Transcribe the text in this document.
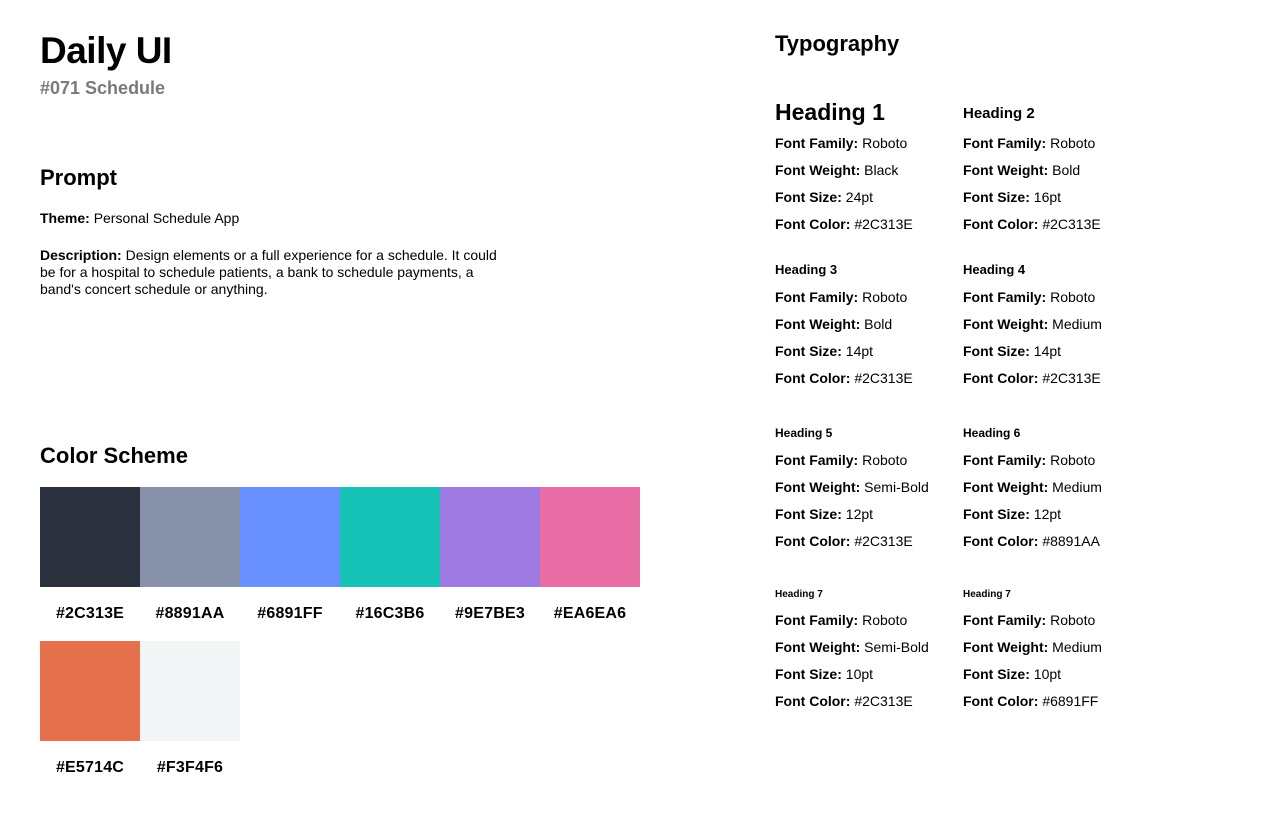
Daily UI
#071 Schedule
Prompt
Theme: Personal Schedule App
Description: Design elements or a full experience for a schedule. It could be for a hospital to schedule patients, a bank to schedule payments, a band's concert schedule or anything.
Color Scheme
#2C313E	#8891AA	#6891FF	#16C3B6	#9E7BE3	#EA6EA6
#E5714C	#F3F4F6
Typography
Heading 1
Font Family: Roboto
Font Weight: Black
Font Size: 24pt
Font Color: #2C313E
Heading 2
Font Family: Roboto
Font Weight: Bold
Font Size: 16pt
Font Color: #2C313E
Heading 3
Font Family: Roboto
Font Weight: Bold
Font Size: 14pt
Font Color: #2C313E
Heading 4
Font Family: Roboto
Font Weight: Medium
Font Size: 14pt
Font Color: #2C313E
Heading 5
Font Family: Roboto
Font Weight: Semi-Bold
Font Size: 12pt
Font Color: #2C313E
Heading 6
Font Family: Roboto
Font Weight: Medium
Font Size: 12pt
Font Color: #8891AA
Heading 7
Font Family: Roboto
Font Weight: Semi-Bold
Font Size: 10pt
Font Color: #2C313E
Heading 7
Font Family: Roboto
Font Weight: Medium
Font Size: 10pt
Font Color: #6891FF
